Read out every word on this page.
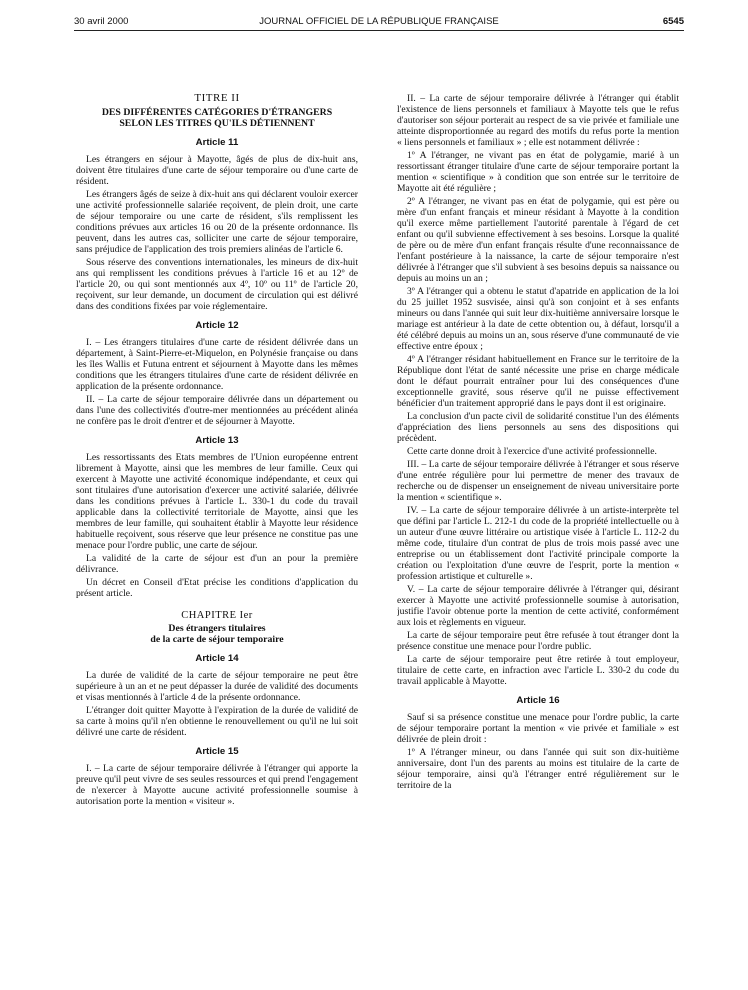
30 avril 2000	JOURNAL OFFICIEL DE LA RÉPUBLIQUE FRANÇAISE	6545
TITRE II
DES DIFFÉRENTES CATÉGORIES D'ÉTRANGERS
SELON LES TITRES QU'ILS DÉTIENNENT
Article 11

Les étrangers en séjour à Mayotte, âgés de plus de dix-huit ans, doivent être titulaires d'une carte de séjour temporaire ou d'une carte de résident.

Les étrangers âgés de seize à dix-huit ans qui déclarent vouloir exercer une activité professionnelle salariée reçoivent, de plein droit, une carte de séjour temporaire ou une carte de résident, s'ils remplissent les conditions prévues aux articles 16 ou 20 de la présente ordonnance. Ils peuvent, dans les autres cas, solliciter une carte de séjour temporaire, sans préjudice de l'application des trois premiers alinéas de l'article 6.

Sous réserve des conventions internationales, les mineurs de dix-huit ans qui remplissent les conditions prévues à l'article 16 et au 12º de l'article 20, ou qui sont mentionnés aux 4º, 10º ou 11º de l'article 20, reçoivent, sur leur demande, un document de circulation qui est délivré dans des conditions fixées par voie réglementaire.

Article 12

I. – Les étrangers titulaires d'une carte de résident délivrée dans un département, à Saint-Pierre-et-Miquelon, en Polynésie française ou dans les îles Wallis et Futuna entrent et séjournent à Mayotte dans les mêmes conditions que les étrangers titulaires d'une carte de résident délivrée en application de la présente ordonnance.

II. – La carte de séjour temporaire délivrée dans un département ou dans l'une des collectivités d'outre-mer mentionnées au précédent alinéa ne confère pas le droit d'entrer et de séjourner à Mayotte.

Article 13

Les ressortissants des Etats membres de l'Union européenne entrent librement à Mayotte, ainsi que les membres de leur famille. Ceux qui exercent à Mayotte une activité économique indépendante, et ceux qui sont titulaires d'une autorisation d'exercer une activité salariée, délivrée dans les conditions prévues à l'article L. 330-1 du code du travail applicable dans la collectivité territoriale de Mayotte, ainsi que les membres de leur famille, qui souhaitent établir à Mayotte leur résidence habituelle reçoivent, sous réserve que leur présence ne constitue pas une menace pour l'ordre public, une carte de séjour.

La validité de la carte de séjour est d'un an pour la première délivrance.

Un décret en Conseil d'Etat précise les conditions d'application du présent article.

CHAPITRE Ier
Des étrangers titulaires
de la carte de séjour temporaire
Article 14

La durée de validité de la carte de séjour temporaire ne peut être supérieure à un an et ne peut dépasser la durée de validité des documents et visas mentionnés à l'article 4 de la présente ordonnance.

L'étranger doit quitter Mayotte à l'expiration de la durée de validité de sa carte à moins qu'il n'en obtienne le renouvellement ou qu'il ne lui soit délivré une carte de résident.

Article 15

I. – La carte de séjour temporaire délivrée à l'étranger qui apporte la preuve qu'il peut vivre de ses seules ressources et qui prend l'engagement de n'exercer à Mayotte aucune activité professionnelle soumise à autorisation porte la mention « visiteur ».

II. – La carte de séjour temporaire délivrée à l'étranger qui établit l'existence de liens personnels et familiaux à Mayotte tels que le refus d'autoriser son séjour porterait au respect de sa vie privée et familiale une atteinte disproportionnée au regard des motifs du refus porte la mention « liens personnels et familiaux » ; elle est notamment délivrée :

1º A l'étranger, ne vivant pas en état de polygamie, marié à un ressortissant étranger titulaire d'une carte de séjour temporaire portant la mention « scientifique » à condition que son entrée sur le territoire de Mayotte ait été régulière ;

2º A l'étranger, ne vivant pas en état de polygamie, qui est père ou mère d'un enfant français et mineur résidant à Mayotte à la condition qu'il exerce même partiellement l'autorité parentale à l'égard de cet enfant ou qu'il subvienne effectivement à ses besoins. Lorsque la qualité de père ou de mère d'un enfant français résulte d'une reconnaissance de l'enfant postérieure à la naissance, la carte de séjour temporaire n'est délivrée à l'étranger que s'il subvient à ses besoins depuis sa naissance ou depuis au moins un an ;

3º A l'étranger qui a obtenu le statut d'apatride en application de la loi du 25 juillet 1952 susvisée, ainsi qu'à son conjoint et à ses enfants mineurs ou dans l'année qui suit leur dix-huitième anniversaire lorsque le mariage est antérieur à la date de cette obtention ou, à défaut, lorsqu'il a été célébré depuis au moins un an, sous réserve d'une communauté de vie effective entre époux ;

4º A l'étranger résidant habituellement en France sur le territoire de la République dont l'état de santé nécessite une prise en charge médicale dont le défaut pourrait entraîner pour lui des conséquences d'une exceptionnelle gravité, sous réserve qu'il ne puisse effectivement bénéficier d'un traitement approprié dans le pays dont il est originaire.

La conclusion d'un pacte civil de solidarité constitue l'un des éléments d'appréciation des liens personnels au sens des dispositions qui précèdent.

Cette carte donne droit à l'exercice d'une activité professionnelle.

III. – La carte de séjour temporaire délivrée à l'étranger et sous réserve d'une entrée régulière pour lui permettre de mener des travaux de recherche ou de dispenser un enseignement de niveau universitaire porte la mention « scientifique ».

IV. – La carte de séjour temporaire délivrée à un artiste-interprète tel que défini par l'article L. 212-1 du code de la propriété intellectuelle ou à un auteur d'une œuvre littéraire ou artistique visée à l'article L. 112-2 du même code, titulaire d'un contrat de plus de trois mois passé avec une entreprise ou un établissement dont l'activité principale comporte la création ou l'exploitation d'une œuvre de l'esprit, porte la mention « profession artistique et culturelle ».

V. – La carte de séjour temporaire délivrée à l'étranger qui, désirant exercer à Mayotte une activité professionnelle soumise à autorisation, justifie l'avoir obtenue porte la mention de cette activité, conformément aux lois et règlements en vigueur.

La carte de séjour temporaire peut être refusée à tout étranger dont la présence constitue une menace pour l'ordre public.

La carte de séjour temporaire peut être retirée à tout employeur, titulaire de cette carte, en infraction avec l'article L. 330-2 du code du travail applicable à Mayotte.

Article 16

Sauf si sa présence constitue une menace pour l'ordre public, la carte de séjour temporaire portant la mention « vie privée et familiale » est délivrée de plein droit :

1º A l'étranger mineur, ou dans l'année qui suit son dix-huitième anniversaire, dont l'un des parents au moins est titulaire de la carte de séjour temporaire, ainsi qu'à l'étranger entré régulièrement sur le territoire de la
